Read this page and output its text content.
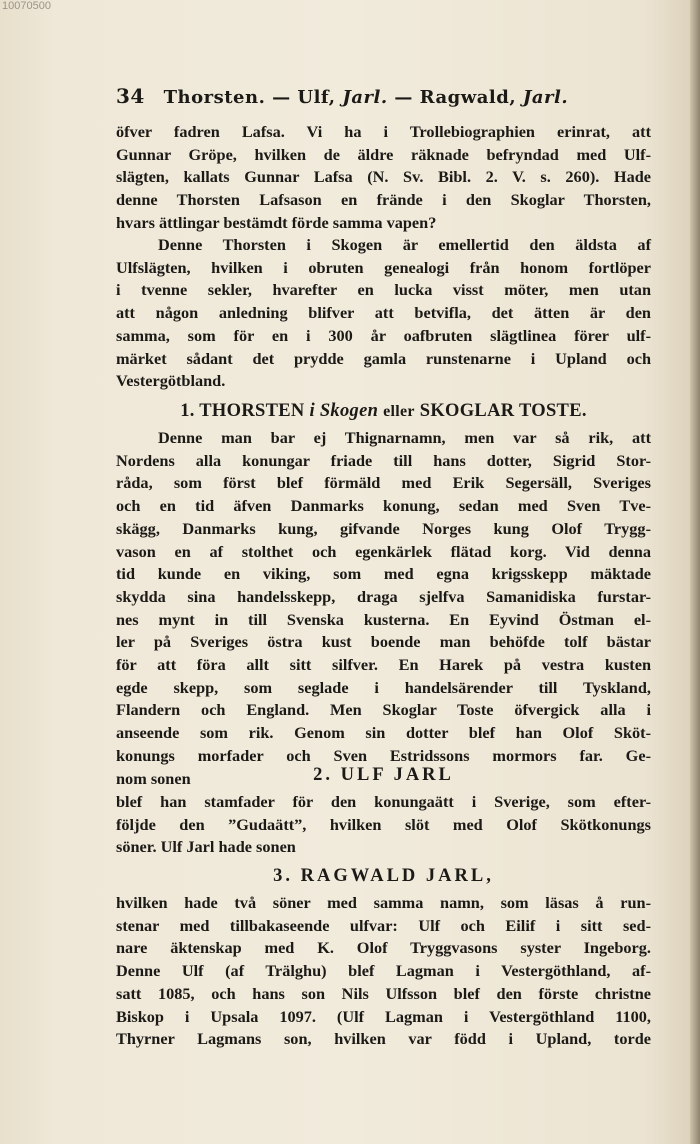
10070500
34 Thorsten. — Ulf, Jarl. — Ragwald, Jarl.
öfver fadren Lafsa. Vi ha i Trollebiographien erinrat, att
Gunnar Gröpe, hvilken de äldre räknade befryndad med Ulf-
slägten, kallats Gunnar Lafsa (N. Sv. Bibl. 2. V. s. 260). Hade
denne Thorsten Lafsason en frände i den Skoglar Thorsten,
hvars ättlingar bestämdt förde samma vapen?
Denne Thorsten i Skogen är emellertid den äldsta af
Ulfslägten, hvilken i obruten genealogi från honom fortlöper
i tvenne sekler, hvarefter en lucka visst möter, men utan
att någon anledning blifver att betvifla, det ätten är den
samma, som för en i 300 år oafbruten slägtlinea förer ulf-
märket sådant det prydde gamla runstenarne i Upland och
Vestergötbland.
1. THORSTEN i Skogen eller SKOGLAR TOSTE.
Denne man bar ej Thignarnamn, men var så rik, att
Nordens alla konungar friade till hans dotter, Sigrid Stor-
råda, som först blef förmäld med Erik Segersäll, Sveriges
och en tid äfven Danmarks konung, sedan med Sven Tve-
skägg, Danmarks kung, gifvande Norges kung Olof Trygg-
vason en af stolthet och egenkärlek flätad korg. Vid denna
tid kunde en viking, som med egna krigsskepp mäktade
skydda sina handelsskepp, draga sjelfva Samanidiska furstar-
nes mynt in till Svenska kusterna. En Eyvind Östman el-
ler på Sveriges östra kust boende man behöfde tolf bästar
för att föra allt sitt silfver. En Harek på vestra kusten
egde skepp, som seglade i handelsärender till Tyskland,
Flandern och England. Men Skoglar Toste öfvergick alla i
anseende som rik. Genom sin dotter blef han Olof Sköt-
konungs morfader och Sven Estridssons mormors far. Ge-
nom sonen	2. ULF JARL
blef han stamfader för den konungaätt i Sverige, som efter-
följde den ”Gudaätt”, hvilken slöt med Olof Skötkonungs
söner. Ulf Jarl hade sonen
3. RAGWALD JARL,
hvilken hade två söner med samma namn, som läsas å run-
stenar med tillbakaseende ulfvar: Ulf och Eilif i sitt sed-
nare äktenskap med K. Olof Tryggvasons syster Ingeborg.
Denne Ulf (af Trälghu) blef Lagman i Vestergöthland, af-
satt 1085, och hans son Nils Ulfsson blef den förste christne
Biskop i Upsala 1097. (Ulf Lagman i Vestergöthland 1100,
Thyrner Lagmans son, hvilken var född i Upland, torde
